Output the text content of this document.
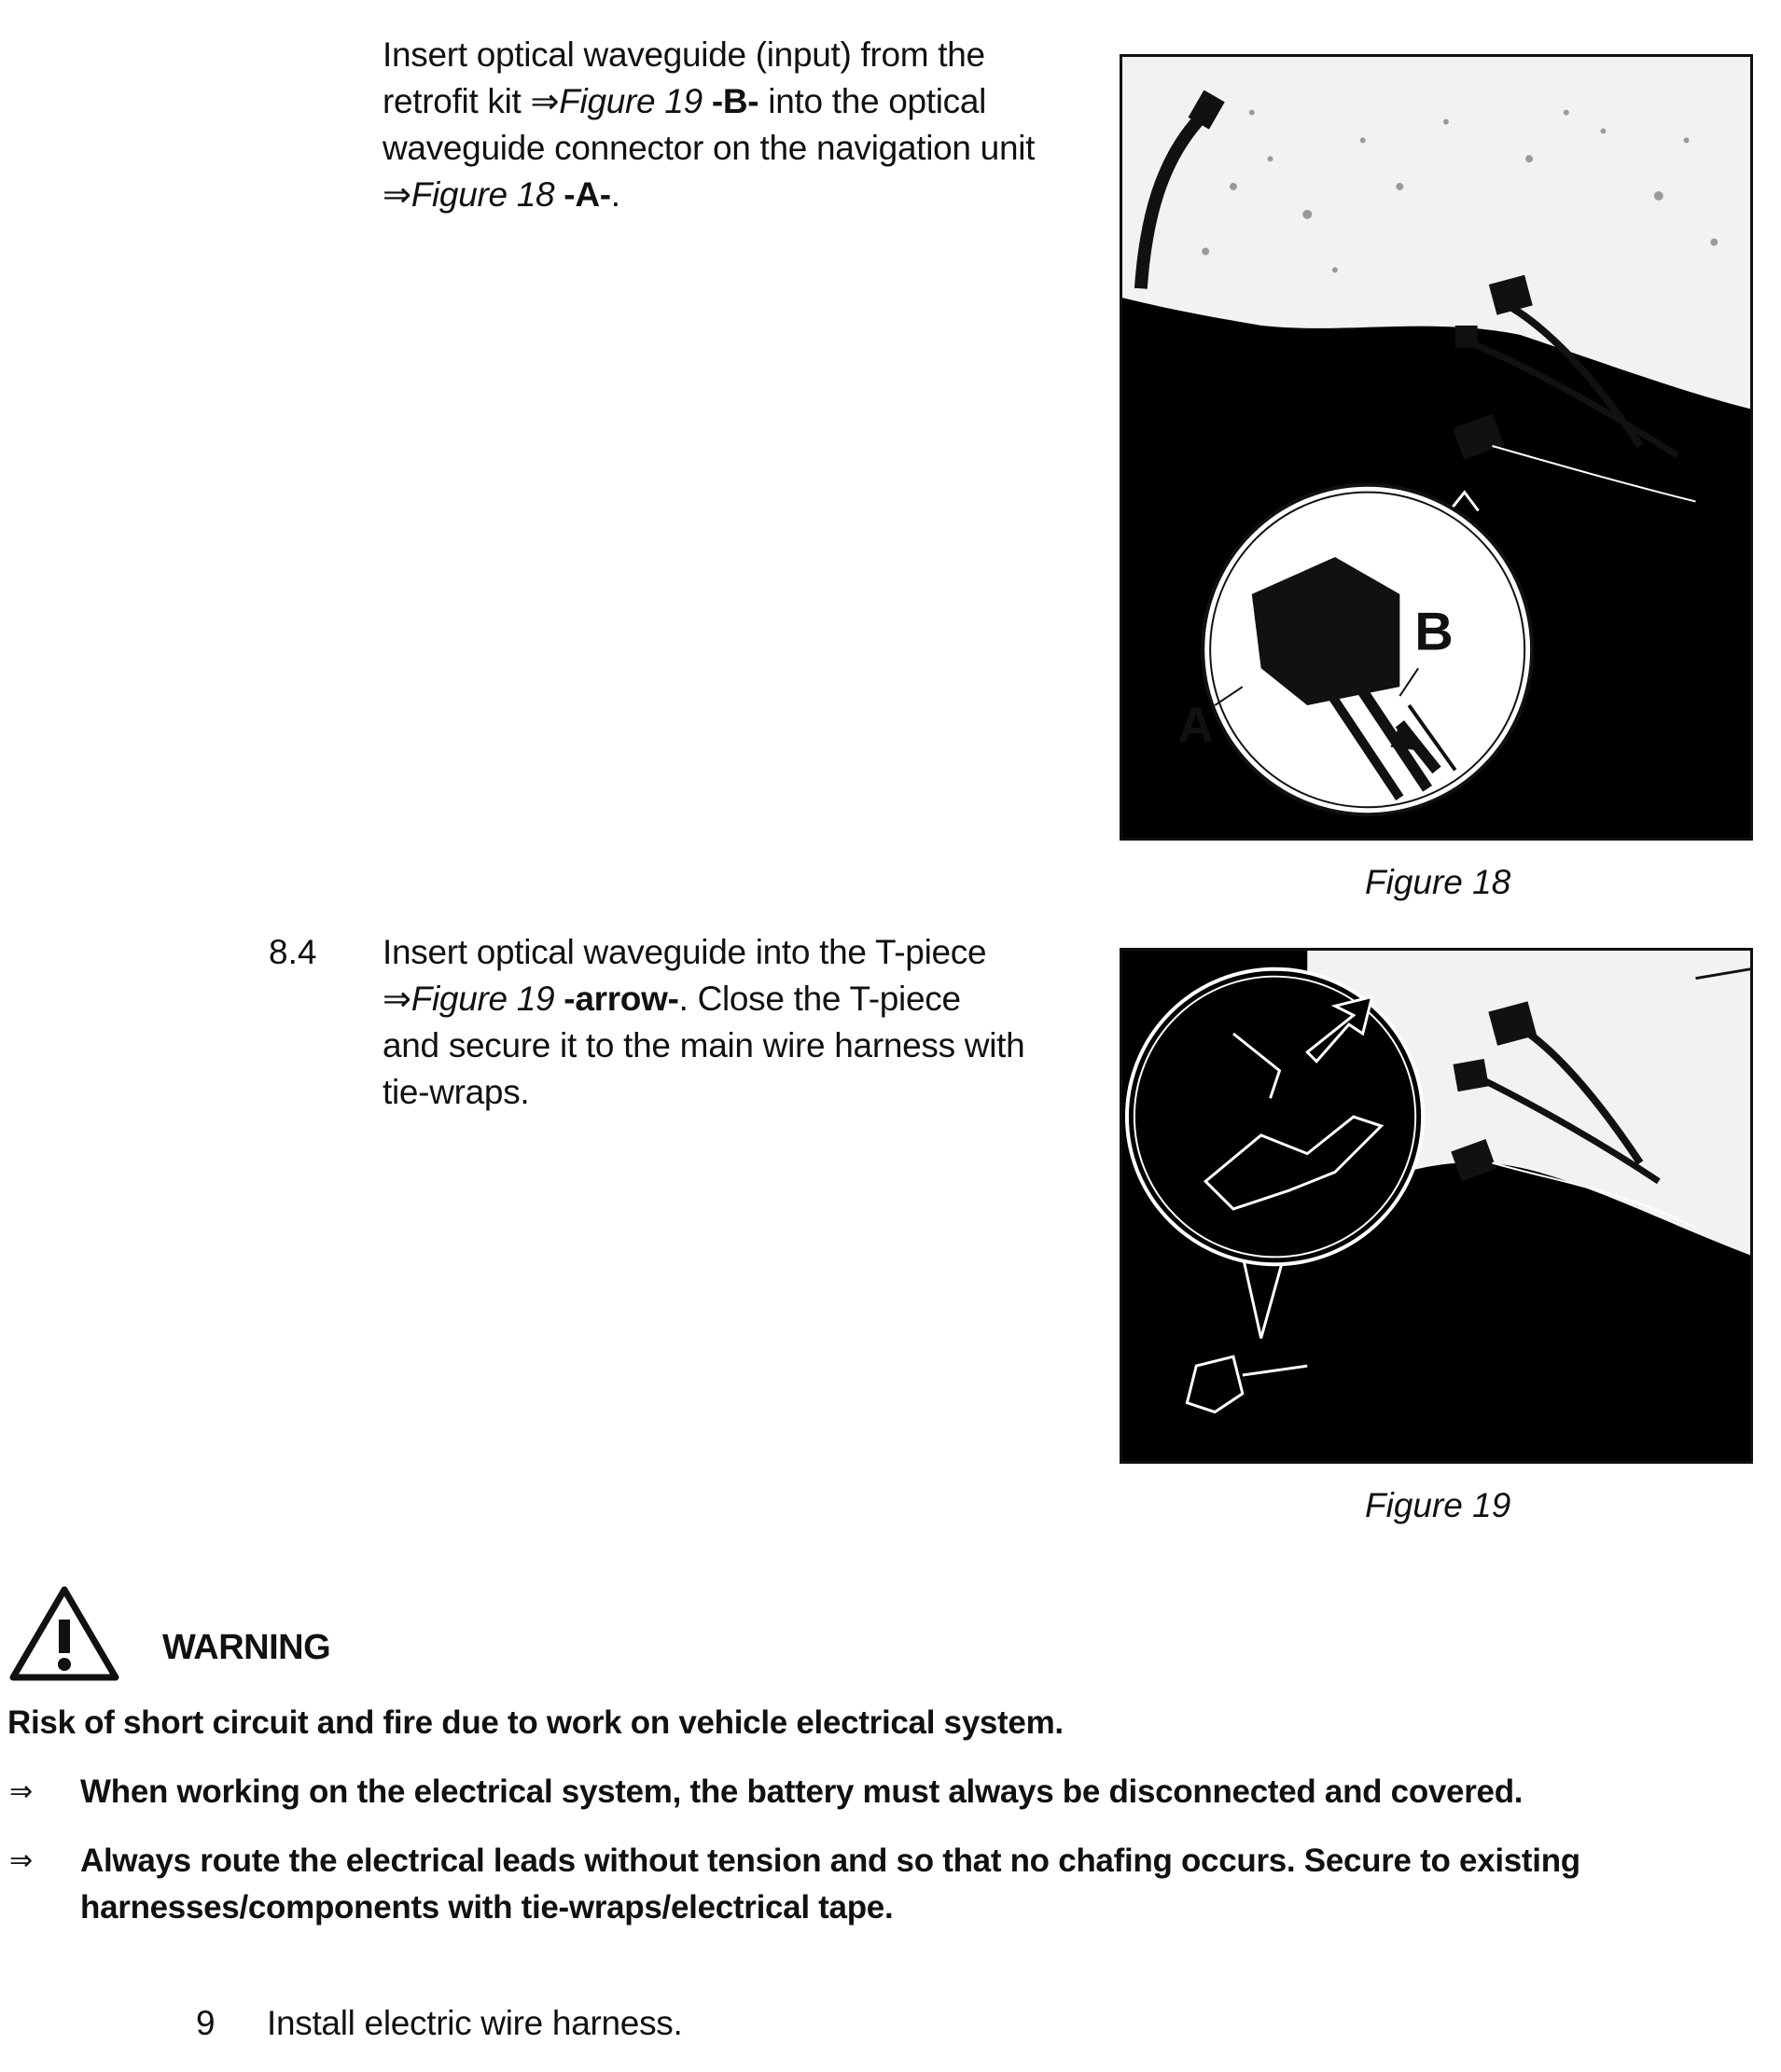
Insert optical waveguide (input) from the
retrofit kit ⇒Figure 19 -B- into the optical
waveguide connector on the navigation unit
⇒Figure 18 -A-.
A
B
Figure 18
8.4 Insert optical waveguide into the T-piece
⇒Figure 19 -arrow-. Close the T-piece
and secure it to the main wire harness with
tie-wraps.
Figure 19
WARNING
Risk of short circuit and fire due to work on vehicle electrical system.
⇒ When working on the electrical system, the battery must always be disconnected and covered.
⇒ Always route the electrical leads without tension and so that no chafing occurs. Secure to existing
harnesses/components with tie-wraps/electrical tape.
9 Install electric wire harness.
